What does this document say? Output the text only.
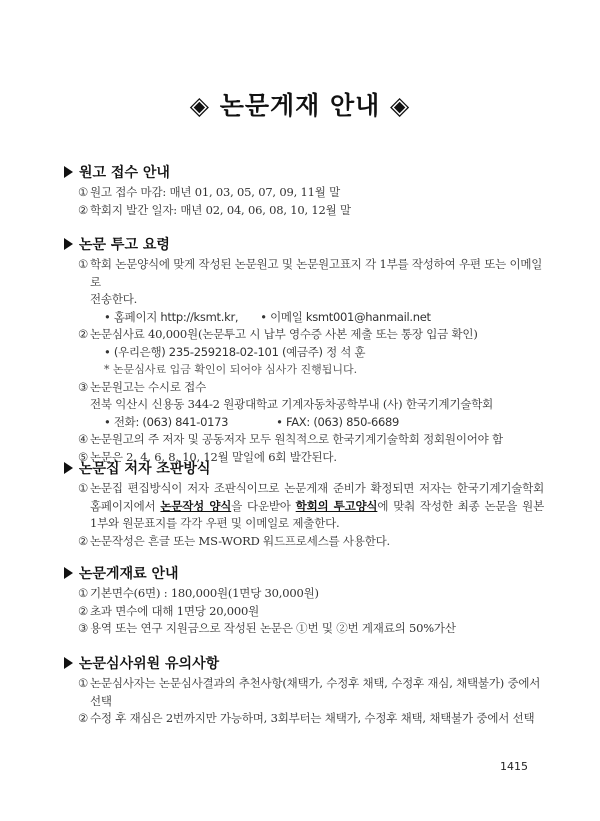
◈ 논문게재 안내 ◈
원고 접수 안내
① 원고 접수 마감: 매년 01, 03, 05, 07, 09, 11월 말
② 학회지 발간 일자: 매년 02, 04, 06, 08, 10, 12월 말
논문 투고 요령
① 학회 논문양식에 맞게 작성된 논문원고 및 논문원고표지 각 1부를 작성하여 우편 또는 이메일로
전송한다.
• 홈페이지 http://ksmt.kr, • 이메일 ksmt001@hanmail.net
② 논문심사료 40,000원(논문투고 시 납부 영수증 사본 제출 또는 통장 입금 확인)
• (우리은행) 235-259218-02-101 (예금주) 정 석 훈
* 논문심사료 입금 확인이 되어야 심사가 진행됩니다.
③ 논문원고는 수시로 접수
전북 익산시 신용동 344-2 원광대학교 기계자동차공학부내 (사) 한국기계기술학회
• 전화: (063) 841-0173	• FAX: (063) 850-6689
④ 논문원고의 주 저자 및 공동저자 모두 원칙적으로 한국기계기술학회 정회원이어야 함
⑤ 논문은 2, 4, 6, 8, 10, 12월 말일에 6회 발간된다.
논문집 저자 조판방식
① 논문집 편집방식이 저자 조판식이므로 논문게재 준비가 확정되면 저자는 한국기계기술학회
홈페이지에서 논문작성 양식을 다운받아 학회의 투고양식에 맞춰 작성한 최종 논문을 원본
1부와 원문표지를 각각 우편 및 이메일로 제출한다.
② 논문작성은 흔글 또는 MS-WORD 워드프로세스를 사용한다.
논문게재료 안내
① 기본면수(6면) : 180,000원(1면당 30,000원)
② 초과 면수에 대해 1면당 20,000원
③ 용역 또는 연구 지원금으로 작성된 논문은 ①번 및 ②번 게재료의 50%가산
논문심사위원 유의사항
① 논문심사자는 논문심사결과의 추천사항(채택가, 수정후 채택, 수정후 재심, 채택불가) 중에서
선택
② 수정 후 재심은 2번까지만 가능하며, 3회부터는 채택가, 수정후 채택, 채택불가 중에서 선택
1415
